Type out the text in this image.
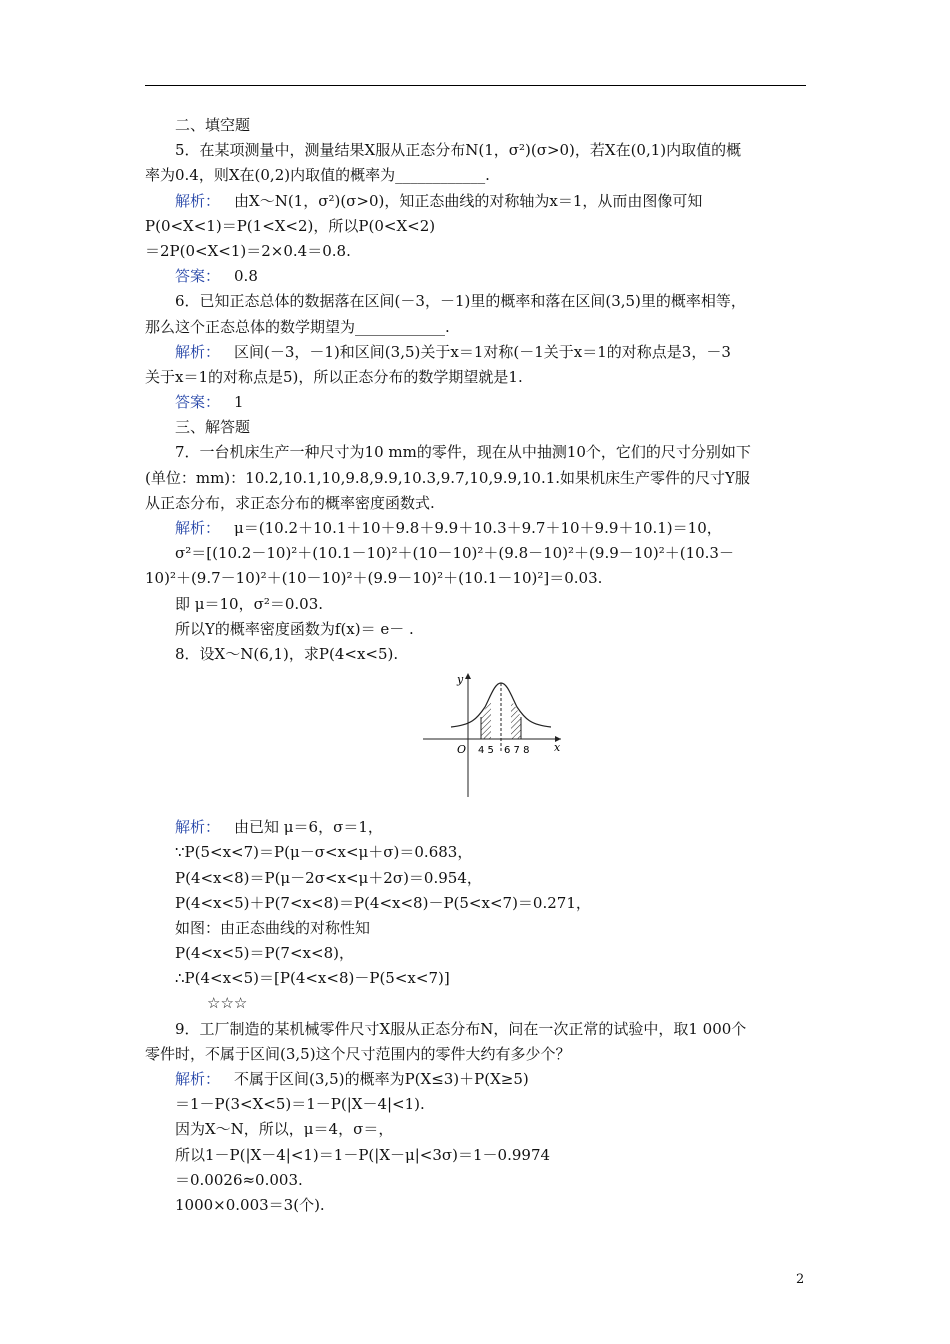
二、填空题
5．在某项测量中，测量结果X服从正态分布N(1，σ²)(σ>0)，若X在(0,1)内取值的概
率为0.4，则X在(0,2)内取值的概率为____________.
解析： 由X～N(1，σ²)(σ>0)，知正态曲线的对称轴为x＝1，从而由图像可知
P(0<X<1)＝P(1<X<2)，所以P(0<X<2)
＝2P(0<X<1)＝2×0.4＝0.8.
答案： 0.8
6．已知正态总体的数据落在区间(－3，－1)里的概率和落在区间(3,5)里的概率相等，
那么这个正态总体的数学期望为____________.
解析： 区间(－3，－1)和区间(3,5)关于x＝1对称(－1关于x＝1的对称点是3，－3
关于x＝1的对称点是5)，所以正态分布的数学期望就是1.
答案： 1
三、解答题
7．一台机床生产一种尺寸为10 mm的零件，现在从中抽测10个，它们的尺寸分别如下
(单位：mm)：10.2,10.1,10,9.8,9.9,10.3,9.7,10,9.9,10.1.如果机床生产零件的尺寸Y服
从正态分布，求正态分布的概率密度函数式.
解析： μ＝(10.2＋10.1＋10＋9.8＋9.9＋10.3＋9.7＋10＋9.9＋10.1)＝10，
σ²＝[(10.2－10)²＋(10.1－10)²＋(10－10)²＋(9.8－10)²＋(9.9－10)²＋(10.3－
10)²＋(9.7－10)²＋(10－10)²＋(9.9－10)²＋(10.1－10)²]＝0.03.
即 μ＝10，σ²＝0.03.
所以Y的概率密度函数为f(x)＝ e－ .
8．设X～N(6,1)，求P(4<x<5).
y
x
O 4 5 6 7 8
解析： 由已知 μ＝6，σ＝1，
∵P(5<x<7)＝P(μ－σ<x<μ＋σ)＝0.683，
P(4<x<8)＝P(μ－2σ<x<μ＋2σ)＝0.954，
P(4<x<5)＋P(7<x<8)＝P(4<x<8)－P(5<x<7)＝0.271，
如图：由正态曲线的对称性知
P(4<x<5)＝P(7<x<8)，
∴P(4<x<5)＝[P(4<x<8)－P(5<x<7)]
☆☆☆
9．工厂制造的某机械零件尺寸X服从正态分布N，问在一次正常的试验中，取1 000个
零件时，不属于区间(3,5)这个尺寸范围内的零件大约有多少个？
解析： 不属于区间(3,5)的概率为P(X≤3)＋P(X≥5)
＝1－P(3<X<5)＝1－P(|X－4|<1).
因为X～N，所以，μ＝4，σ＝，
所以1－P(|X－4|<1)＝1－P(|X－μ|<3σ)＝1－0.9974
＝0.0026≈0.003.
1000×0.003＝3(个).
2
